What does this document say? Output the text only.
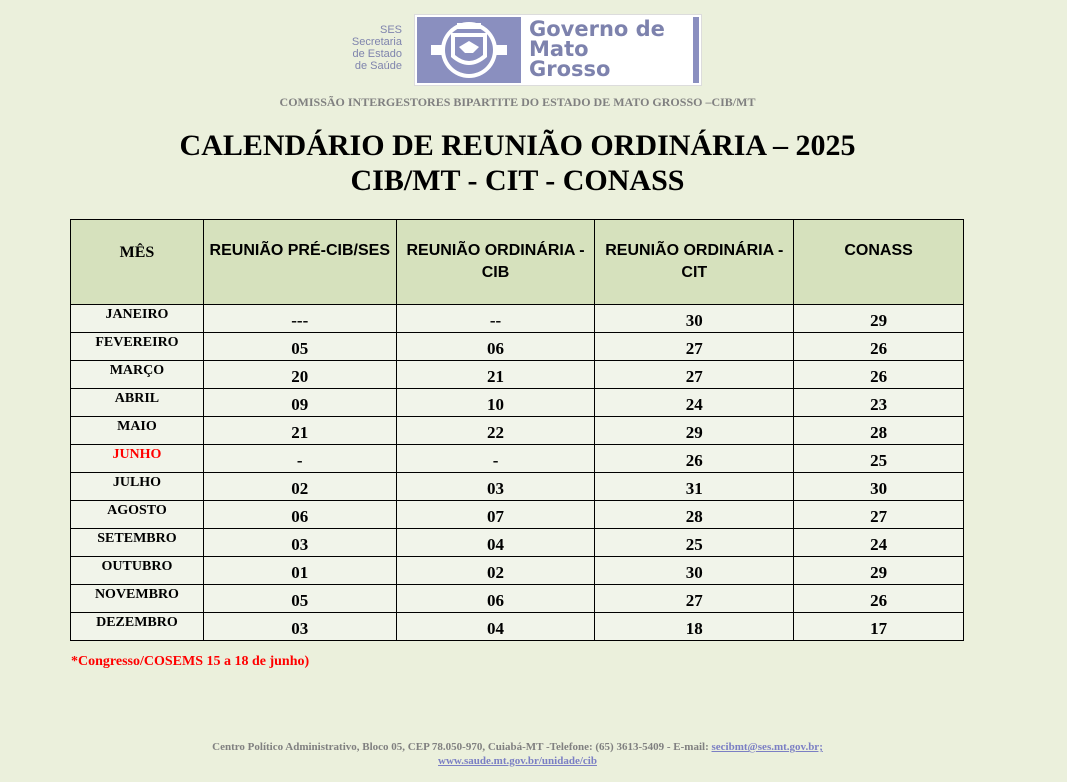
SES
Secretaria
de Estado
de Saúde
Governo de
Mato
Grosso
COMISSÃO INTERGESTORES BIPARTITE DO ESTADO DE MATO GROSSO –CIB/MT
CALENDÁRIO DE REUNIÃO ORDINÁRIA – 2025
CIB/MT - CIT - CONASS
MÊS	REUNIÃO PRÉ-CIB/SES	REUNIÃO ORDINÁRIA - CIB	REUNIÃO ORDINÁRIA - CIT	CONASS
JANEIRO	---	--	30	29
FEVEREIRO	05	06	27	26
MARÇO	20	21	27	26
ABRIL	09	10	24	23
MAIO	21	22	29	28
JUNHO	-	-	26	25
JULHO	02	03	31	30
AGOSTO	06	07	28	27
SETEMBRO	03	04	25	24
OUTUBRO	01	02	30	29
NOVEMBRO	05	06	27	26
DEZEMBRO	03	04	18	17
*Congresso/COSEMS 15 a 18 de junho)
Centro Político Administrativo, Bloco 05, CEP 78.050-970, Cuiabá-MT -Telefone: (65) 3613-5409 - E-mail: secibmt@ses.mt.gov.br;
www.saude.mt.gov.br/unidade/cib
